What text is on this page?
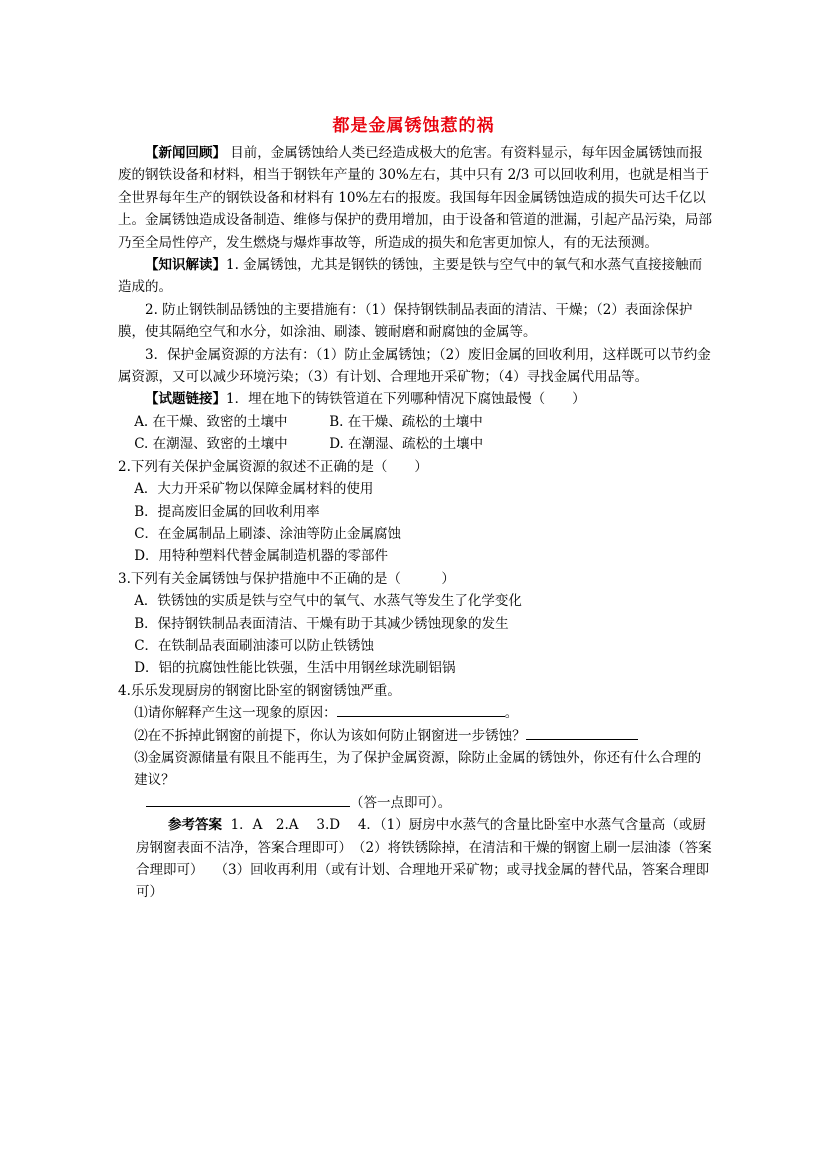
都是金属锈蚀惹的祸

【新闻回顾】 目前，金属锈蚀给人类已经造成极大的危害。有资料显示，每年因金属锈蚀而报废的钢铁设备和材料，相当于钢铁年产量的 30%左右，其中只有 2/3 可以回收利用，也就是相当于全世界每年生产的钢铁设备和材料有 10%左右的报废。我国每年因金属锈蚀造成的损失可达千亿以上。金属锈蚀造成设备制造、维修与保护的费用增加，由于设备和管道的泄漏，引起产品污染，局部乃至全局性停产，发生燃烧与爆炸事故等，所造成的损失和危害更加惊人，有的无法预测。

【知识解读】1. 金属锈蚀，尤其是钢铁的锈蚀，主要是铁与空气中的氧气和水蒸气直接接触而造成的。

2. 防止钢铁制品锈蚀的主要措施有：（1）保持钢铁制品表面的清洁、干燥；（2）表面涂保护膜，使其隔绝空气和水分，如涂油、刷漆、镀耐磨和耐腐蚀的金属等。

3．保护金属资源的方法有：（1）防止金属锈蚀；（2）废旧金属的回收利用，这样既可以节约金属资源，又可以减少环境污染；（3）有计划、合理地开采矿物；（4）寻找金属代用品等。

【试题链接】1．埋在地下的铸铁管道在下列哪种情况下腐蚀最慢（　　）

A. 在干燥、致密的土壤中	B. 在干燥、疏松的土壤中
C. 在潮湿、致密的土壤中	D. 在潮湿、疏松的土壤中

2.下列有关保护金属资源的叙述不正确的是（　　）

A．大力开采矿物以保障金属材料的使用

B．提高废旧金属的回收利用率

C．在金属制品上刷漆、涂油等防止金属腐蚀

D．用特种塑料代替金属制造机器的零部件

3.下列有关金属锈蚀与保护措施中不正确的是（　　　）

A．铁锈蚀的实质是铁与空气中的氧气、水蒸气等发生了化学变化

B．保持钢铁制品表面清洁、干燥有助于其减少锈蚀现象的发生

C．在铁制品表面刷油漆可以防止铁锈蚀

D．铝的抗腐蚀性能比铁强，生活中用钢丝球洗刷铝锅

4.乐乐发现厨房的钢窗比卧室的钢窗锈蚀严重。

⑴请你解释产生这一现象的原因：	。

⑵在不拆掉此钢窗的前提下，你认为该如何防止钢窗进一步锈蚀？

⑶金属资源储量有限且不能再生，为了保护金属资源，除防止金属的锈蚀外，你还有什么合理的建议？

（答一点即可）。

参考答案 1．A　2.A　 3.D　 4．（1）厨房中水蒸气的含量比卧室中水蒸气含量高（或厨房钢窗表面不洁净，答案合理即可）　（2）将铁锈除掉，在清洁和干燥的钢窗上刷一层油漆（答案合理即可）　 （3）回收再利用（或有计划、合理地开采矿物；或寻找金属的替代品，答案合理即可）
